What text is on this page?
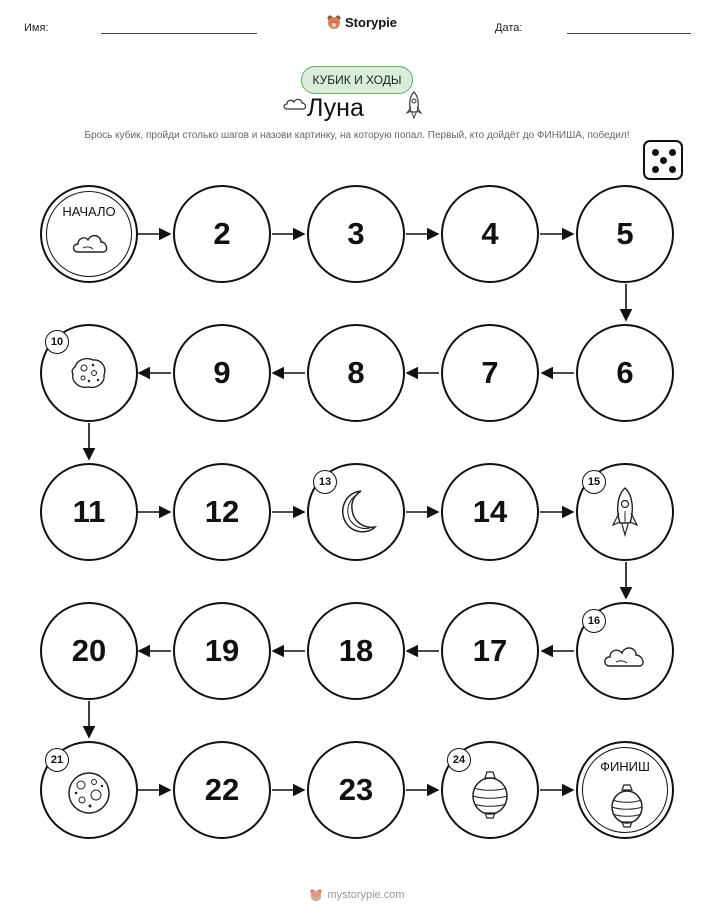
Имя:	Storypie	Дата:
КУБИК И ХОДЫ
Луна
Брось кубик, пройди столько шагов и назови картинку, на которую попал. Первый, кто дойдёт до ФИНИША, победил!
НАЧАЛО
2	3	4	5
10
9	8	7	6
11	12
13
14
15
20	19	18	17
16
21
22	23
24	ФИНИШ
mystorypie.com
